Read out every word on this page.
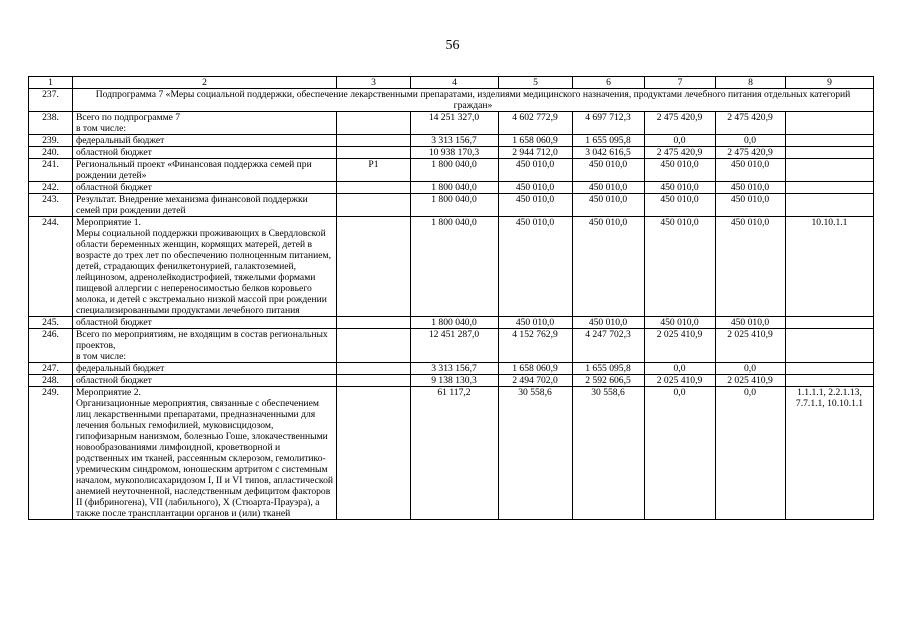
56
1	2	3	4	5	6	7	8	9
237.	Подпрограмма 7 «Меры социальной поддержки, обеспечение лекарственными препаратами, изделиями медицинского назначения, продуктами лечебного питания отдельных категорий граждан»							
238.	Всего по подпрограмме 7
в том числе:		14 251 327,0	4 602 772,9	4 697 712,3	2 475 420,9	2 475 420,9	
239.	федеральный бюджет		3 313 156,7	1 658 060,9	1 655 095,8	0,0	0,0	
240.	областной бюджет		10 938 170,3	2 944 712,0	3 042 616,5	2 475 420,9	2 475 420,9	
241.	Региональный проект «Финансовая поддержка семей при рождении детей»	Р1	1 800 040,0	450 010,0	450 010,0	450 010,0	450 010,0	
242.	областной бюджет		1 800 040,0	450 010,0	450 010,0	450 010,0	450 010,0	
243.	Результат. Внедрение механизма финансовой поддержки семей при рождении детей		1 800 040,0	450 010,0	450 010,0	450 010,0	450 010,0	
244.	Мероприятие 1.
Меры социальной поддержки проживающих в Свердловской области беременных женщин, кормящих матерей, детей в возрасте до трех лет по обеспечению полноценным питанием, детей, страдающих фенилкетонурией, галактоземией, лейцинозом, адренолейкодистрофией, тяжелыми формами пищевой аллергии с непереносимостью белков коровьего молока, и детей с экстремально низкой массой при рождении специализированными продуктами лечебного питания		1 800 040,0	450 010,0	450 010,0	450 010,0	450 010,0	10.10.1.1
245.	областной бюджет		1 800 040,0	450 010,0	450 010,0	450 010,0	450 010,0	
246.	Всего по мероприятиям, не входящим в состав региональных проектов,
в том числе:		12 451 287,0	4 152 762,9	4 247 702,3	2 025 410,9	2 025 410,9	
247.	федеральный бюджет		3 313 156,7	1 658 060,9	1 655 095,8	0,0	0,0	
248.	областной бюджет		9 138 130,3	2 494 702,0	2 592 606,5	2 025 410,9	2 025 410,9	
249.	Мероприятие 2.
Организационные мероприятия, связанные с обеспечением лиц лекарственными препаратами, предназначенными для лечения больных гемофилией, муковисцидозом, гипофизарным нанизмом, болезнью Гоше, злокачественными новообразованиями лимфоидной, кроветворной и родственных им тканей, рассеянным склерозом, гемолитико-уремическим синдромом, юношеским артритом с системным началом, мукополисахаридозом I, II и VI типов, апластической анемией неуточненной, наследственным дефицитом факторов II (фибриногена), VII (лабильного), X (Стюарта-Прауэра), а также после трансплантации органов и (или) тканей		61 117,2	30 558,6	30 558,6	0,0	0,0	1.1.1.1, 2.2.1.13, 7.7.1.1, 10.10.1.1
